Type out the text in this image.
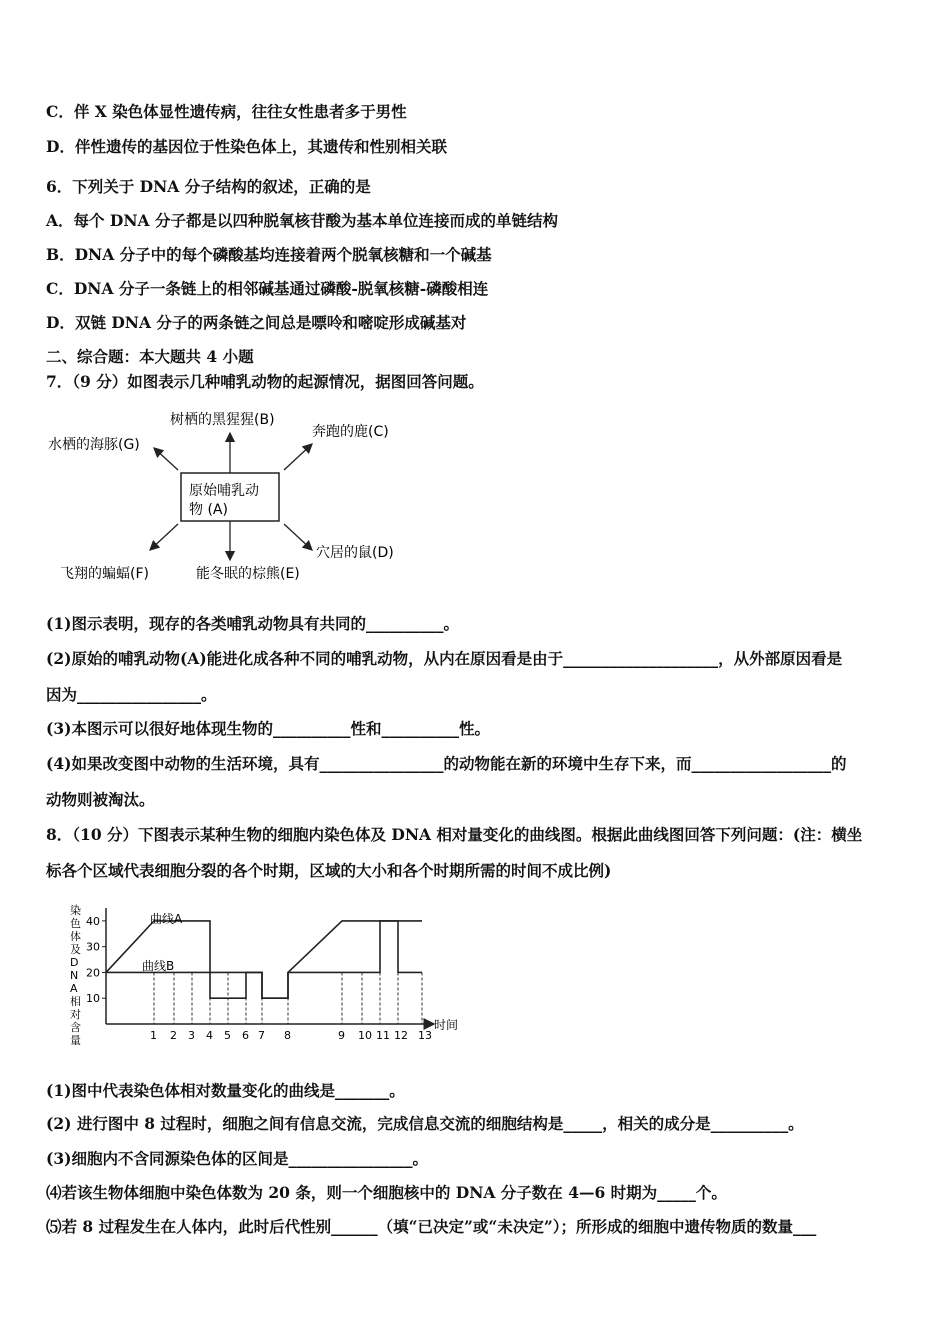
C．伴 X 染色体显性遗传病，往往女性患者多于男性
D．伴性遗传的基因位于性染色体上，其遗传和性别相关联
6．下列关于 DNA 分子结构的叙述，正确的是
A．每个 DNA 分子都是以四种脱氧核苷酸为基本单位连接而成的单链结构
B．DNA 分子中的每个磷酸基均连接着两个脱氧核糖和一个碱基
C．DNA 分子一条链上的相邻碱基通过磷酸-脱氧核糖-磷酸相连
D．双链 DNA 分子的两条链之间总是嘌呤和嘧啶形成碱基对
二、综合题：本大题共 4 小题
7．（9 分）如图表示几种哺乳动物的起源情况，据图回答问题。
原始哺乳动
物 (A)
树栖的黑猩猩(B)
奔跑的鹿(C)
水栖的海豚(G)
穴居的鼠(D)
能冬眠的棕熊(E)
飞翔的蝙蝠(F)
(1)图示表明，现存的各类哺乳动物具有共同的__________。
(2)原始的哺乳动物(A)能进化成各种不同的哺乳动物，从内在原因看是由于____________________，从外部原因看是
因为________________。
(3)本图示可以很好地体现生物的__________性和__________性。
(4)如果改变图中动物的生活环境，具有________________的动物能在新的环境中生存下来，而__________________的
动物则被淘汰。
8．（10 分）下图表示某种生物的细胞内染色体及 DNA 相对量变化的曲线图。根据此曲线图回答下列问题：(注：横坐
标各个区域代表细胞分裂的各个时期，区域的大小和各个时期所需的时间不成比例)
染
色
体
及
D
N
A
相
对
含
量
时间
40
30
20
10
1 2 3 4 5 6 7 8	9 10 11 12 13
曲线A
曲线B
(1)图中代表染色体相对数量变化的曲线是_______。
(2) 进行图中 8 过程时，细胞之间有信息交流，完成信息交流的细胞结构是_____，相关的成分是__________。
(3)细胞内不含同源染色体的区间是________________。
⑷若该生物体细胞中染色体数为 20 条，则一个细胞核中的 DNA 分子数在 4—6 时期为_____个。
⑸若 8 过程发生在人体内，此时后代性别______（填“已决定”或“未决定”）；所形成的细胞中遗传物质的数量___
